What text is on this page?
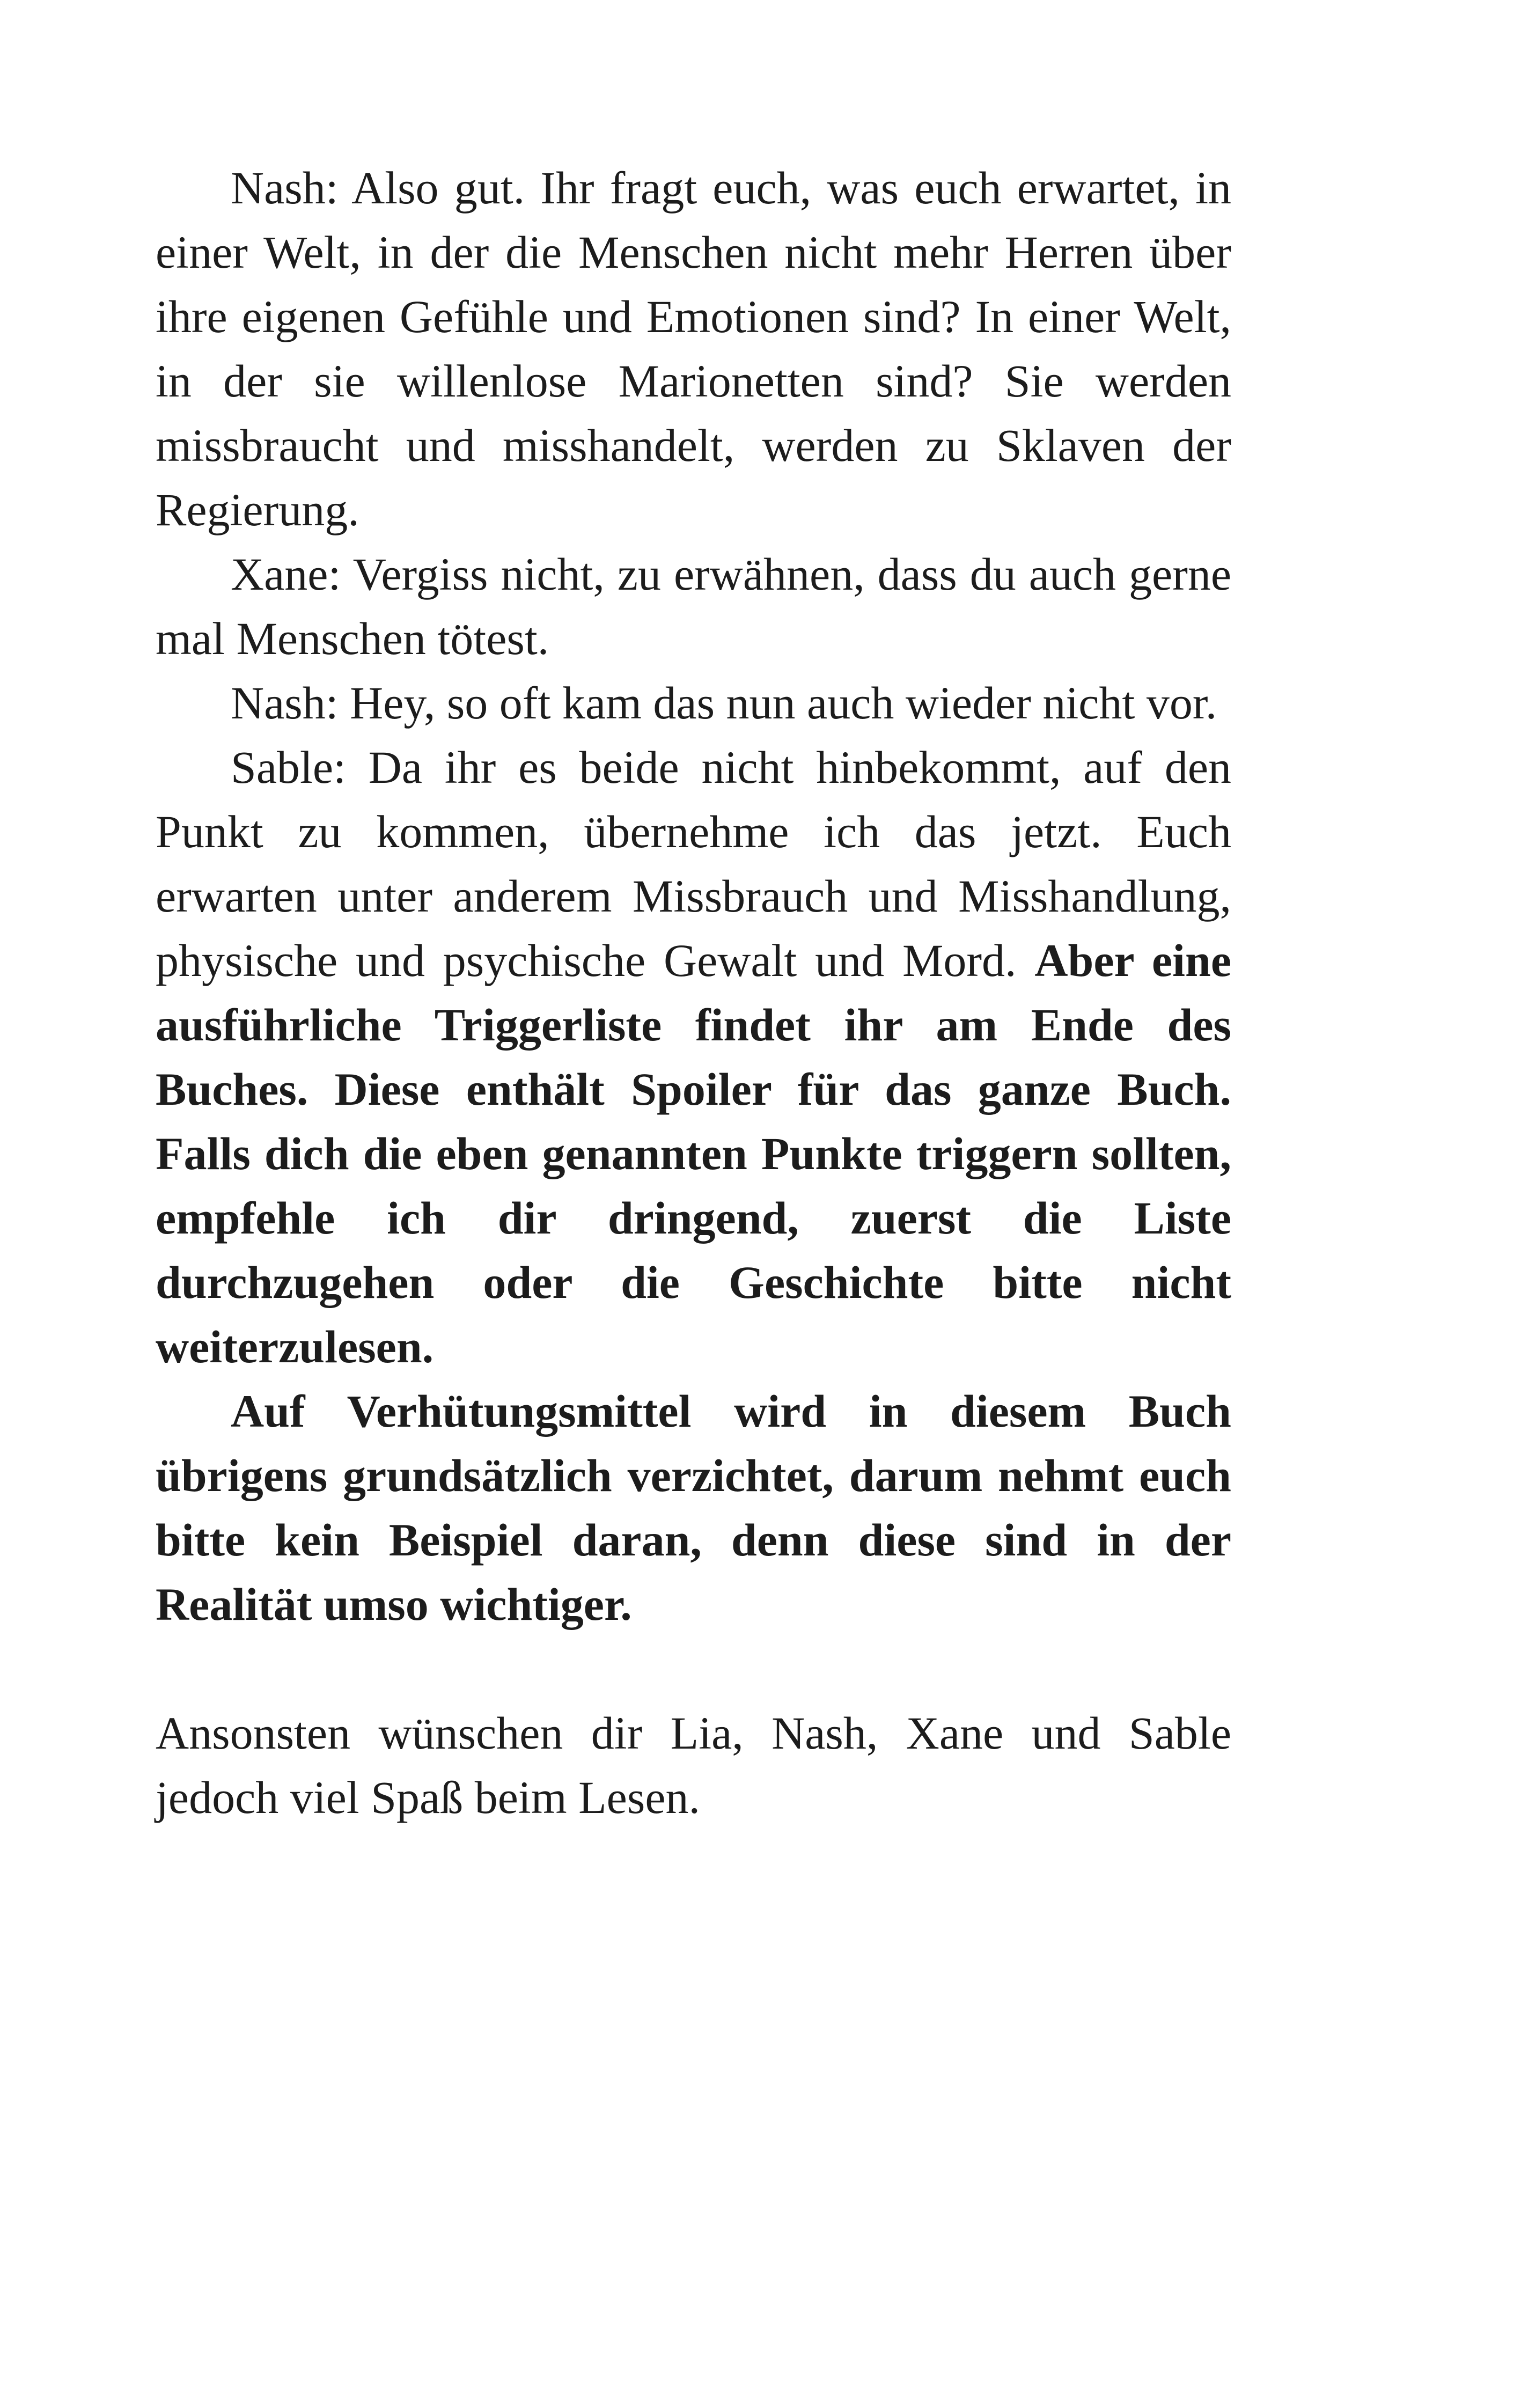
Nash: Also gut. Ihr fragt euch, was euch erwartet, in einer Welt, in der die Menschen nicht mehr Herren über ihre eigenen Gefühle und Emotionen sind? In einer Welt, in der sie willenlose Marionetten sind? Sie werden missbraucht und misshandelt, werden zu Sklaven der Regierung.

Xane: Vergiss nicht, zu erwähnen, dass du auch gerne mal Menschen tötest.

Nash: Hey, so oft kam das nun auch wieder nicht vor.

Sable: Da ihr es beide nicht hinbekommt, auf den Punkt zu kommen, übernehme ich das jetzt. Euch erwarten unter anderem Missbrauch und Misshandlung, physische und psychische Gewalt und Mord. Aber eine ausführliche Triggerliste findet ihr am Ende des Buches. Diese enthält Spoiler für das ganze Buch. Falls dich die eben genannten Punkte triggern sollten, empfehle ich dir dringend, zuerst die Liste durchzugehen oder die Geschichte bitte nicht weiterzulesen.

Auf Verhütungsmittel wird in diesem Buch übrigens grundsätzlich verzichtet, darum nehmt euch bitte kein Beispiel daran, denn diese sind in der Realität umso wichtiger.

Ansonsten wünschen dir Lia, Nash, Xane und Sable jedoch viel Spaß beim Lesen.
